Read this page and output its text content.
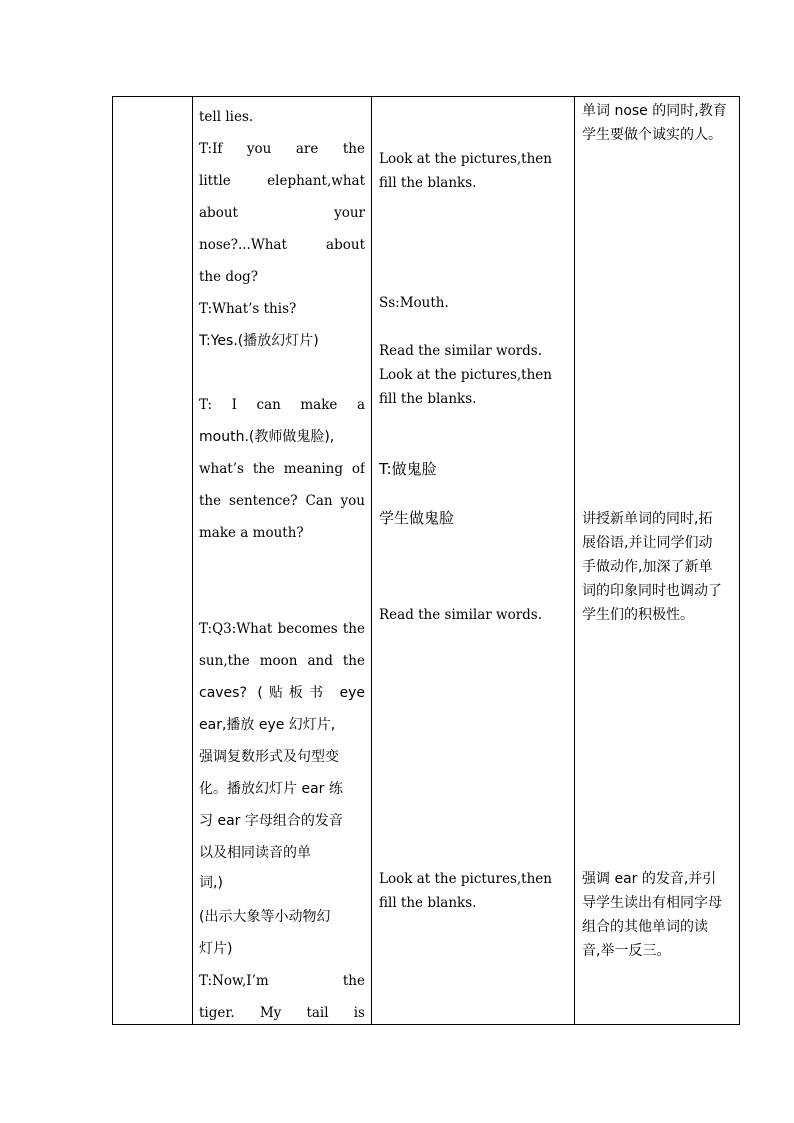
tell lies.
T:If you are the
little elephant,what
about your
nose?...What about
the dog?
T:What’s this?
T:Yes.(播放幻灯片)
T: I can make a
mouth.(教师做鬼脸),
what’s the meaning of
the sentence? Can you
make a mouth?
T:Q3:What becomes the
sun,the moon and the
caves? (贴板书 eye
ear,播放 eye 幻灯片,
强调复数形式及句型变
化。播放幻灯片 ear 练
习 ear 字母组合的发音
以及相同读音的单
词,)
(出示大象等小动物幻
灯片)
T:Now,I’m the
tiger. My tail is
Look at the pictures,then
fill the blanks.
Ss:Mouth.
Read the similar words.
Look at the pictures,then
fill the blanks.
T:做鬼脸
学生做鬼脸
Read the similar words.
Look at the pictures,then
fill the blanks.
单词 nose 的同时,教育
学生要做个诚实的人。
讲授新单词的同时,拓
展俗语,并让同学们动
手做动作,加深了新单
词的印象同时也调动了
学生们的积极性。
强调 ear 的发音,并引
导学生读出有相同字母
组合的其他单词的读
音,举一反三。
